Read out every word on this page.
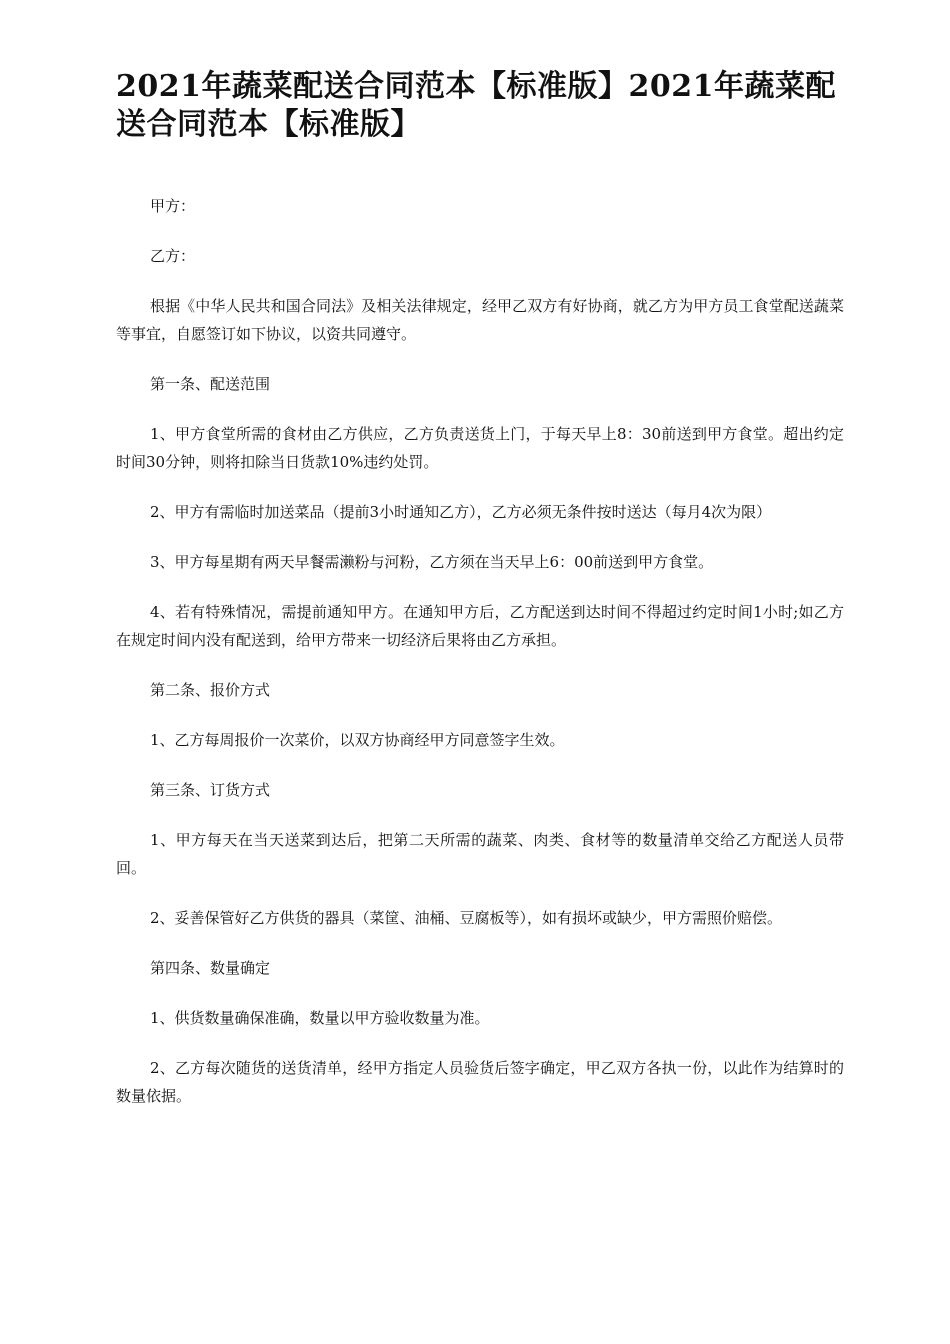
2021年蔬菜配送合同范本【标准版】2021年蔬菜配送合同范本【标准版】

甲方：

乙方：

根据《中华人民共和国合同法》及相关法律规定，经甲乙双方有好协商，就乙方为甲方员工食堂配送蔬菜等事宜，自愿签订如下协议，以资共同遵守。

第一条、配送范围

1、甲方食堂所需的食材由乙方供应，乙方负责送货上门，于每天早上8：30前送到甲方食堂。超出约定时间30分钟，则将扣除当日货款10%违约处罚。

2、甲方有需临时加送菜品（提前3小时通知乙方），乙方必须无条件按时送达（每月4次为限）

3、甲方每星期有两天早餐需濑粉与河粉，乙方须在当天早上6：00前送到甲方食堂。

4、若有特殊情况，需提前通知甲方。在通知甲方后，乙方配送到达时间不得超过约定时间1小时;如乙方在规定时间内没有配送到，给甲方带来一切经济后果将由乙方承担。

第二条、报价方式

1、乙方每周报价一次菜价，以双方协商经甲方同意签字生效。

第三条、订货方式

1、甲方每天在当天送菜到达后，把第二天所需的蔬菜、肉类、食材等的数量清单交给乙方配送人员带回。

2、妥善保管好乙方供货的器具（菜筐、油桶、豆腐板等），如有损坏或缺少，甲方需照价赔偿。

第四条、数量确定

1、供货数量确保准确，数量以甲方验收数量为准。

2、乙方每次随货的送货清单，经甲方指定人员验货后签字确定，甲乙双方各执一份，以此作为结算时的数量依据。
